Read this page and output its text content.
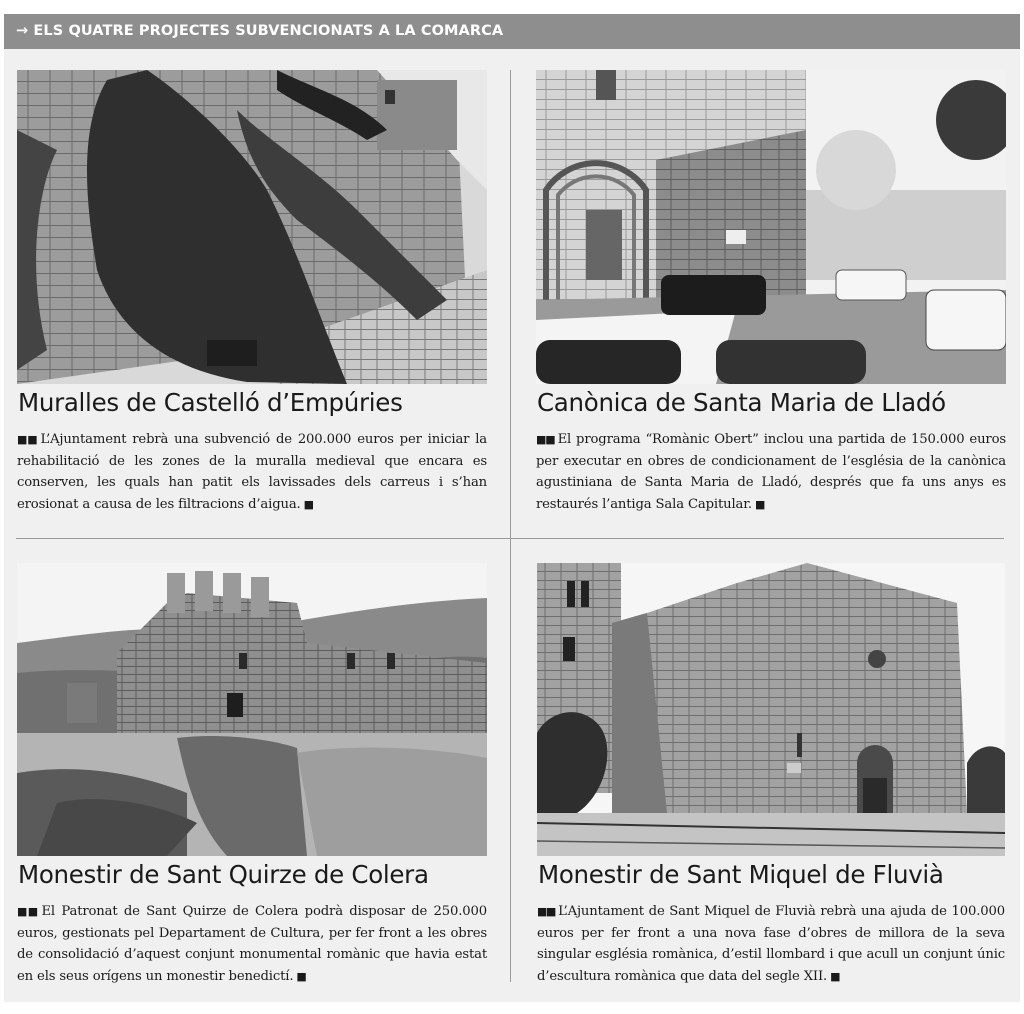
→ ELS QUATRE PROJECTES SUBVENCIONATS A LA COMARCA
Muralles de Castelló d’Empúries
■■ L’Ajuntament rebrà una subvenció de 200.000 euros per iniciar la rehabilitació de les zones de la muralla medieval que encara es conserven, les quals han patit els lavissades dels carreus i s’han erosionat a causa de les filtracions d’aigua. ■
Canònica de Santa Maria de Lladó
■■ El programa “Romànic Obert” inclou una partida de 150.000 euros per executar en obres de condicionament de l’església de la canònica agustiniana de Santa Maria de Lladó, després que fa uns anys es restaurés l’antiga Sala Capitular. ■
Monestir de Sant Quirze de Colera
■■ El Patronat de Sant Quirze de Colera podrà disposar de 250.000 euros, gestionats pel Departament de Cultura, per fer front a les obres de consolidació d’aquest conjunt monumental romànic que havia estat en els seus orígens un monestir benedictí. ■
Monestir de Sant Miquel de Fluvià
■■ L’Ajuntament de Sant Miquel de Fluvià rebrà una ajuda de 100.000 euros per fer front a una nova fase d’obres de millora de la seva singular església romànica, d’estil llombard i que acull un conjunt únic d’escultura romànica que data del segle XII. ■
